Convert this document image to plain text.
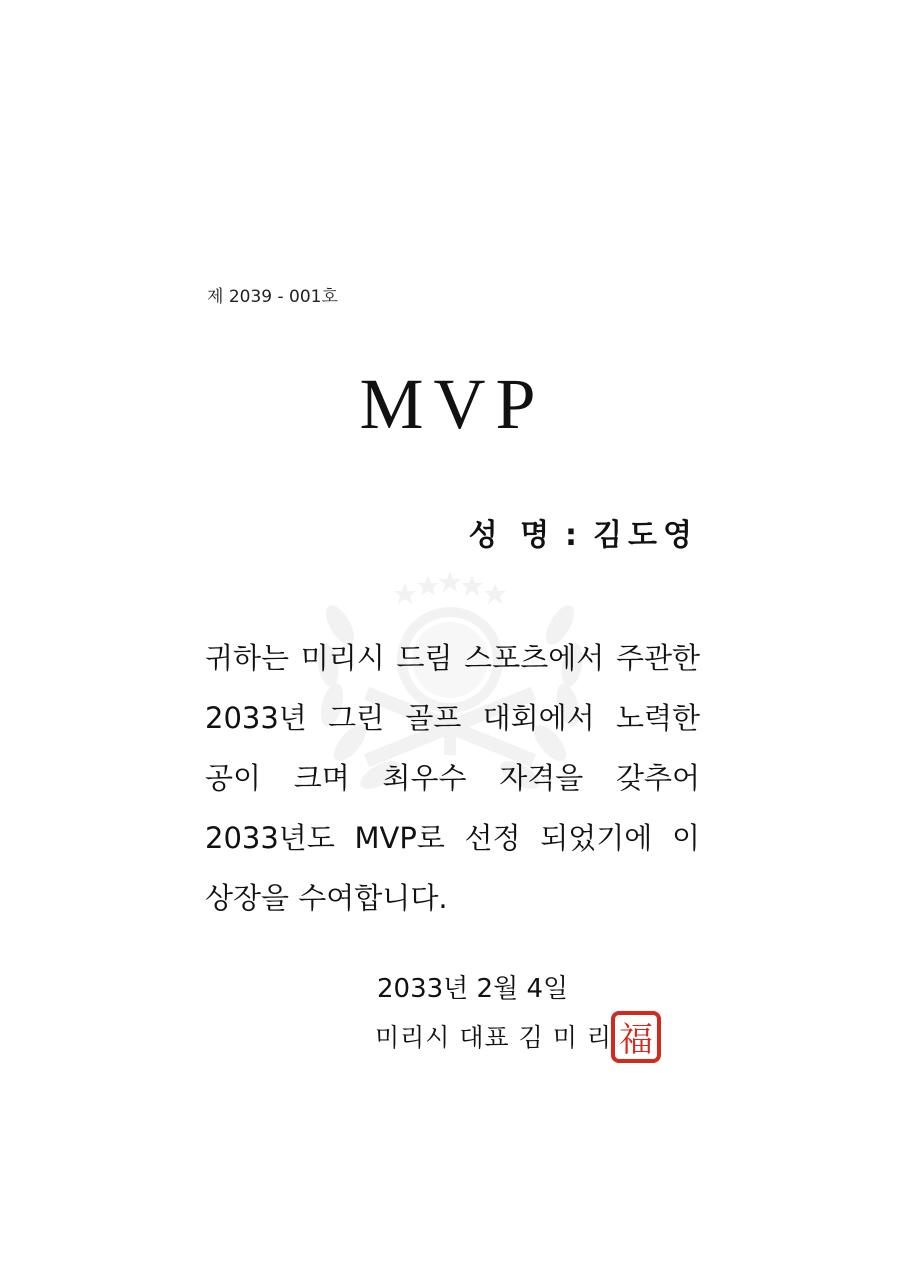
제 2039 - 001호
MVP
성 명 : 김도영
귀하는 미리시 드림 스포츠에서 주관한 2033년 그린 골프 대회에서 노력한 공이 크며 최우수 자격을 갖추어 2033년도 MVP로 선정 되었기에 이 상장을 수여합니다.
2033년 2월 4일
미리시 대표 김 미 리 福
